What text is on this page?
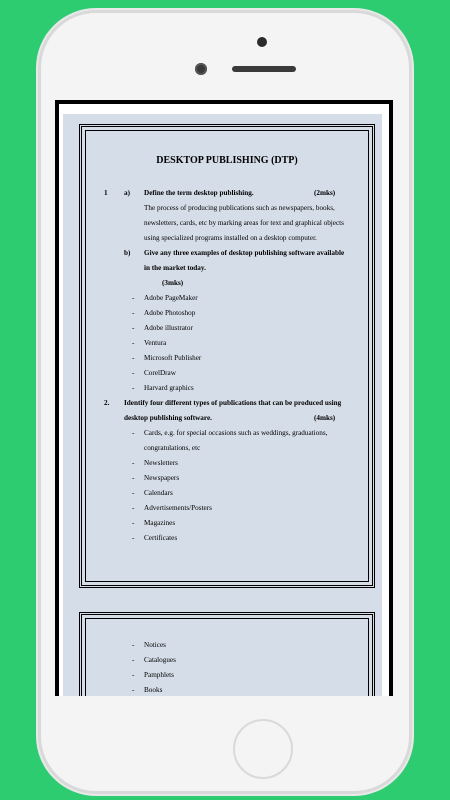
DESKTOP PUBLISHING (DTP)
1 a) Define the term desktop publishing.	(2mks)
The process of producing publications such as newspapers, books,
newsletters, cards, etc by marking areas for text and graphical objects
using specialized programs installed on a desktop computer.
b) Give any three examples of desktop publishing software available
in the market today.
(3mks)
- Adobe PageMaker
- Adobe Photoshop
- Adobe illustrator
- Ventura
- Microsoft Publisher
- CorelDraw
- Harvard graphics
2. Identify four different types of publications that can be produced using
desktop publishing software.	(4mks)
- Cards, e.g. for special occasions such as weddings, graduations,
congratulations, etc
- Newsletters
- Newspapers
- Calendars
- Advertisements/Posters
- Magazines
- Certificates
- Notices
- Catalogues
- Pamphlets
- Books
